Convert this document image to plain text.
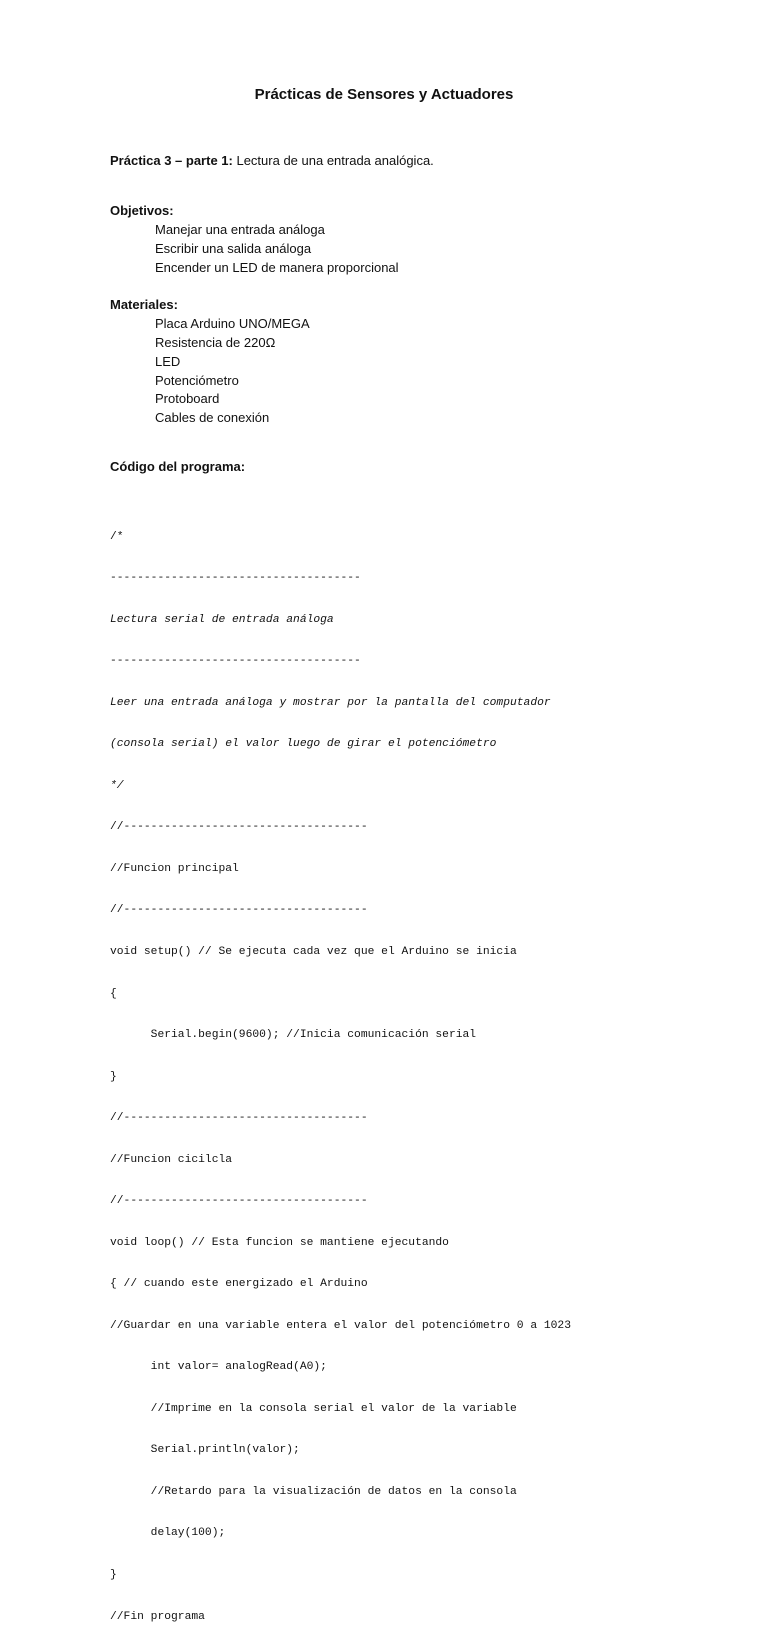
Prácticas de Sensores y Actuadores
Práctica 3 – parte 1: Lectura de una entrada analógica.
Objetivos:
Manejar una entrada análoga
Escribir una salida análoga
Encender un LED de manera proporcional
Materiales:
Placa Arduino UNO/MEGA
Resistencia de 220Ω
LED
Potenciómetro
Protoboard
Cables de conexión
Código del programa:

/*

-------------------------------------

Lectura serial de entrada análoga

-------------------------------------

Leer una entrada análoga y mostrar por la pantalla del computador

(consola serial) el valor luego de girar el potenciómetro

*/

//------------------------------------

//Funcion principal

//------------------------------------

void setup() // Se ejecuta cada vez que el Arduino se inicia

{

Serial.begin(9600); //Inicia comunicación serial

}

//------------------------------------

//Funcion cicilcla

//------------------------------------

void loop() // Esta funcion se mantiene ejecutando

{ // cuando este energizado el Arduino

//Guardar en una variable entera el valor del potenciómetro 0 a 1023

int valor= analogRead(A0);

//Imprime en la consola serial el valor de la variable

Serial.println(valor);

//Retardo para la visualización de datos en la consola

delay(100);

}

//Fin programa
